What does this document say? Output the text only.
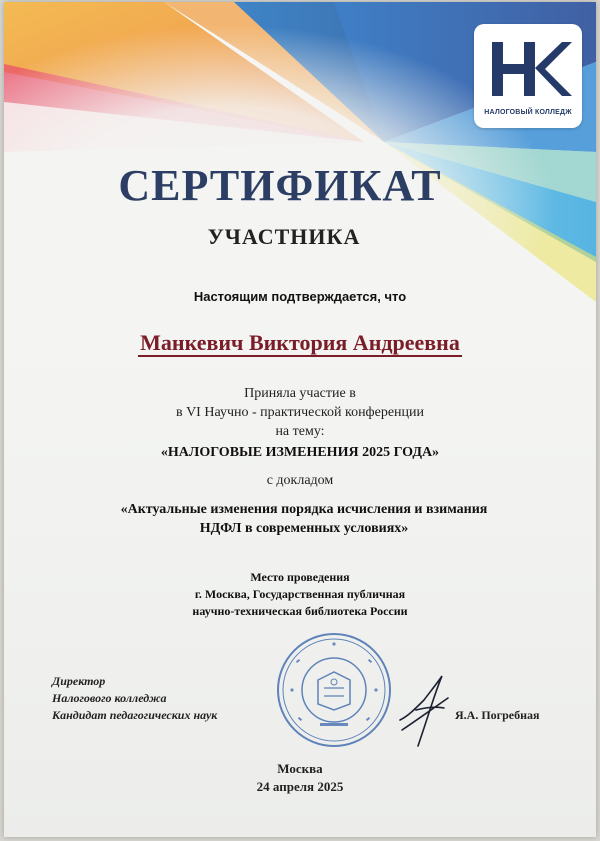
НАЛОГОВЫЙ КОЛЛЕДЖ
СЕРТИФИКАТ
УЧАСТНИКА
Настоящим подтверждается, что
Манкевич Виктория Андреевна
Приняла участие в
в VI Научно - практической конференции
на тему:
«НАЛОГОВЫЕ ИЗМЕНЕНИЯ 2025 ГОДА»
с докладом
«Актуальные изменения порядка исчисления и взимания
НДФЛ в современных условиях»
Место проведения
г. Москва, Государственная публичная
научно-техническая библиотека России
Директор
Налогового колледжа
Кандидат педагогических наук	Я.А. Погребная
Москва
24 апреля 2025
